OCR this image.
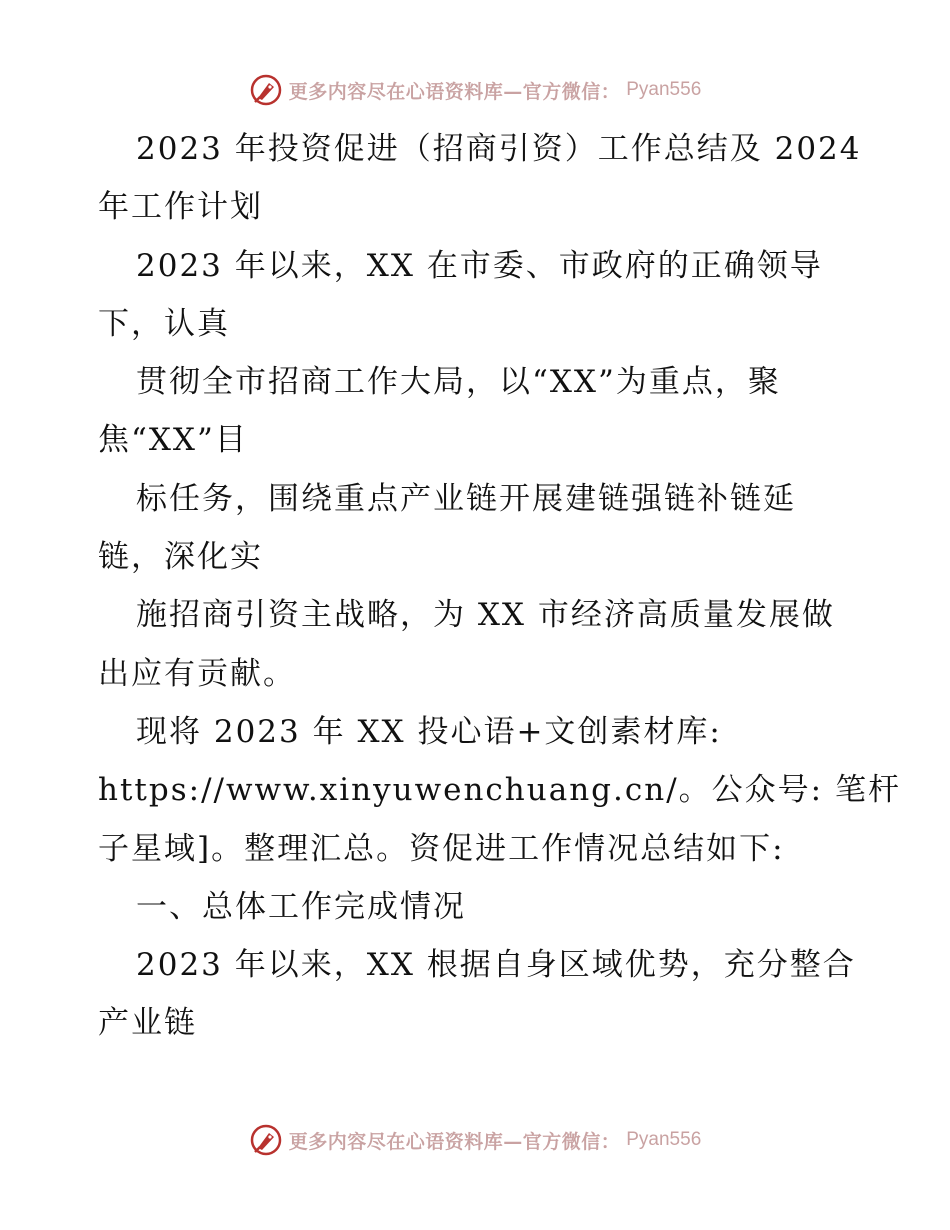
更多内容尽在心语资料库—官方微信： Pyan556
2023 年投资促进（招商引资）工作总结及 2024
年工作计划
2023 年以来，XX 在市委、市政府的正确领导
下，认真
贯彻全市招商工作大局，以“XX”为重点，聚
焦“XX”目
标任务，围绕重点产业链开展建链强链补链延
链，深化实
施招商引资主战略，为 XX 市经济高质量发展做
出应有贡献。
现将 2023 年 XX 投心语+文创素材库:
https://www.xinyuwenchuang.cn/。公众号: 笔杆
子星域]。整理汇总。资促进工作情况总结如下:
一、总体工作完成情况
2023 年以来，XX 根据自身区域优势，充分整合
产业链
更多内容尽在心语资料库—官方微信： Pyan556
